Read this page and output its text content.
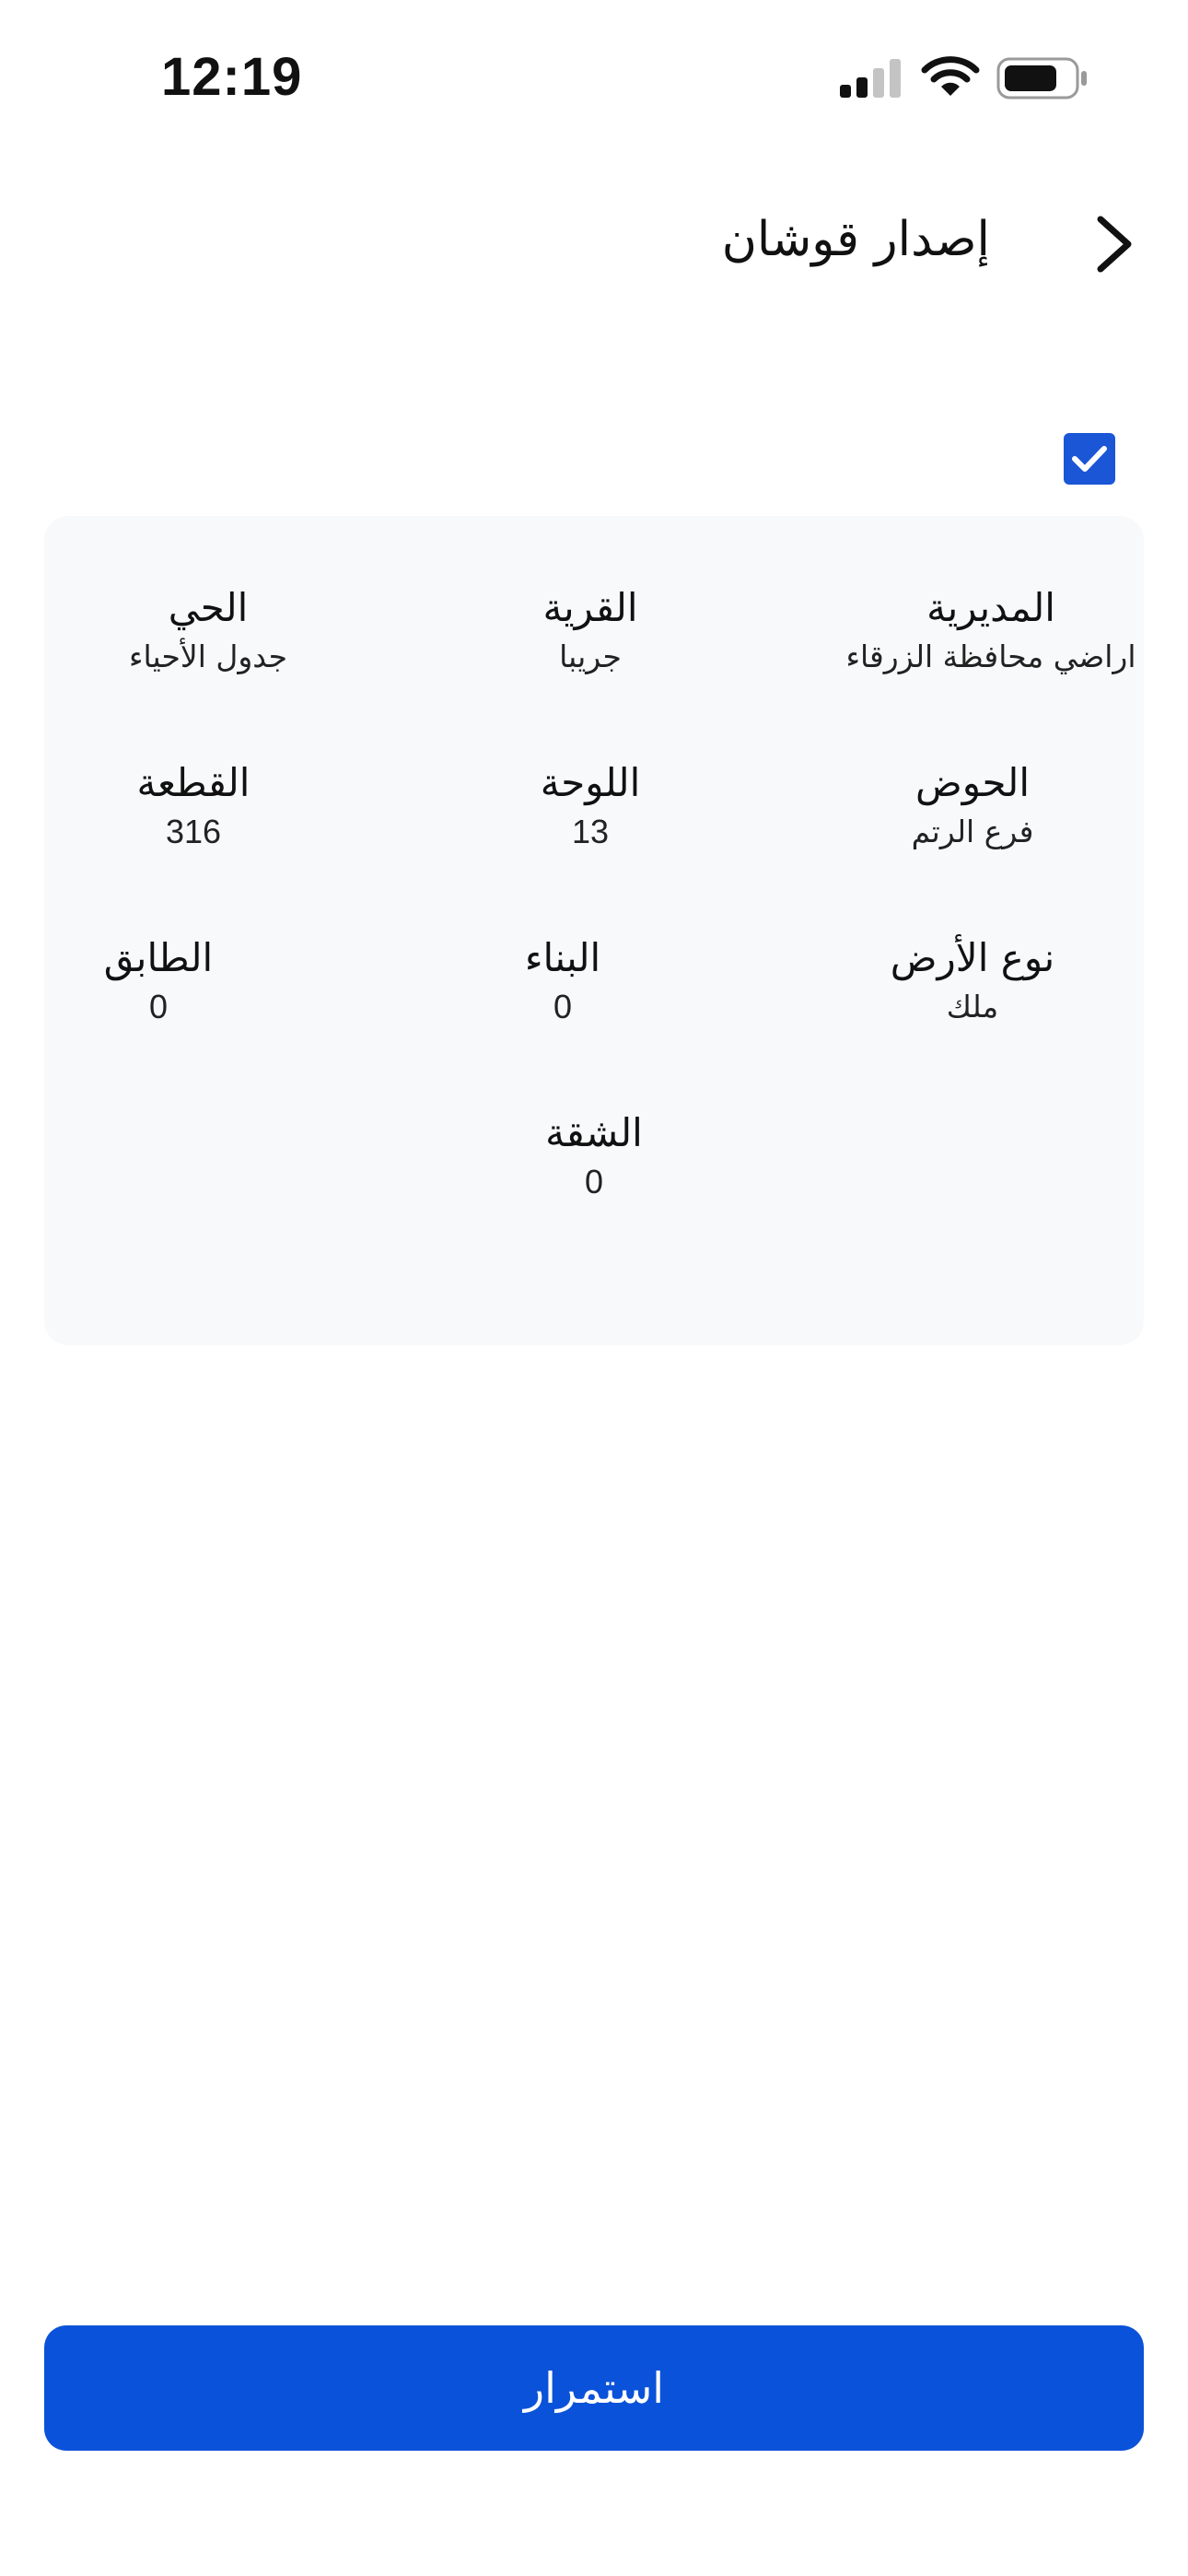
12:19
إصدار قوشان
المديرية
اراضي محافظة الزرقاء
القرية
جريبا
الحي
جدول الأحياء
الحوض
فرع الرتم
اللوحة
13
القطعة
316
نوع الأرض
ملك
البناء
0
الطابق
0
الشقة
0
استمرار
